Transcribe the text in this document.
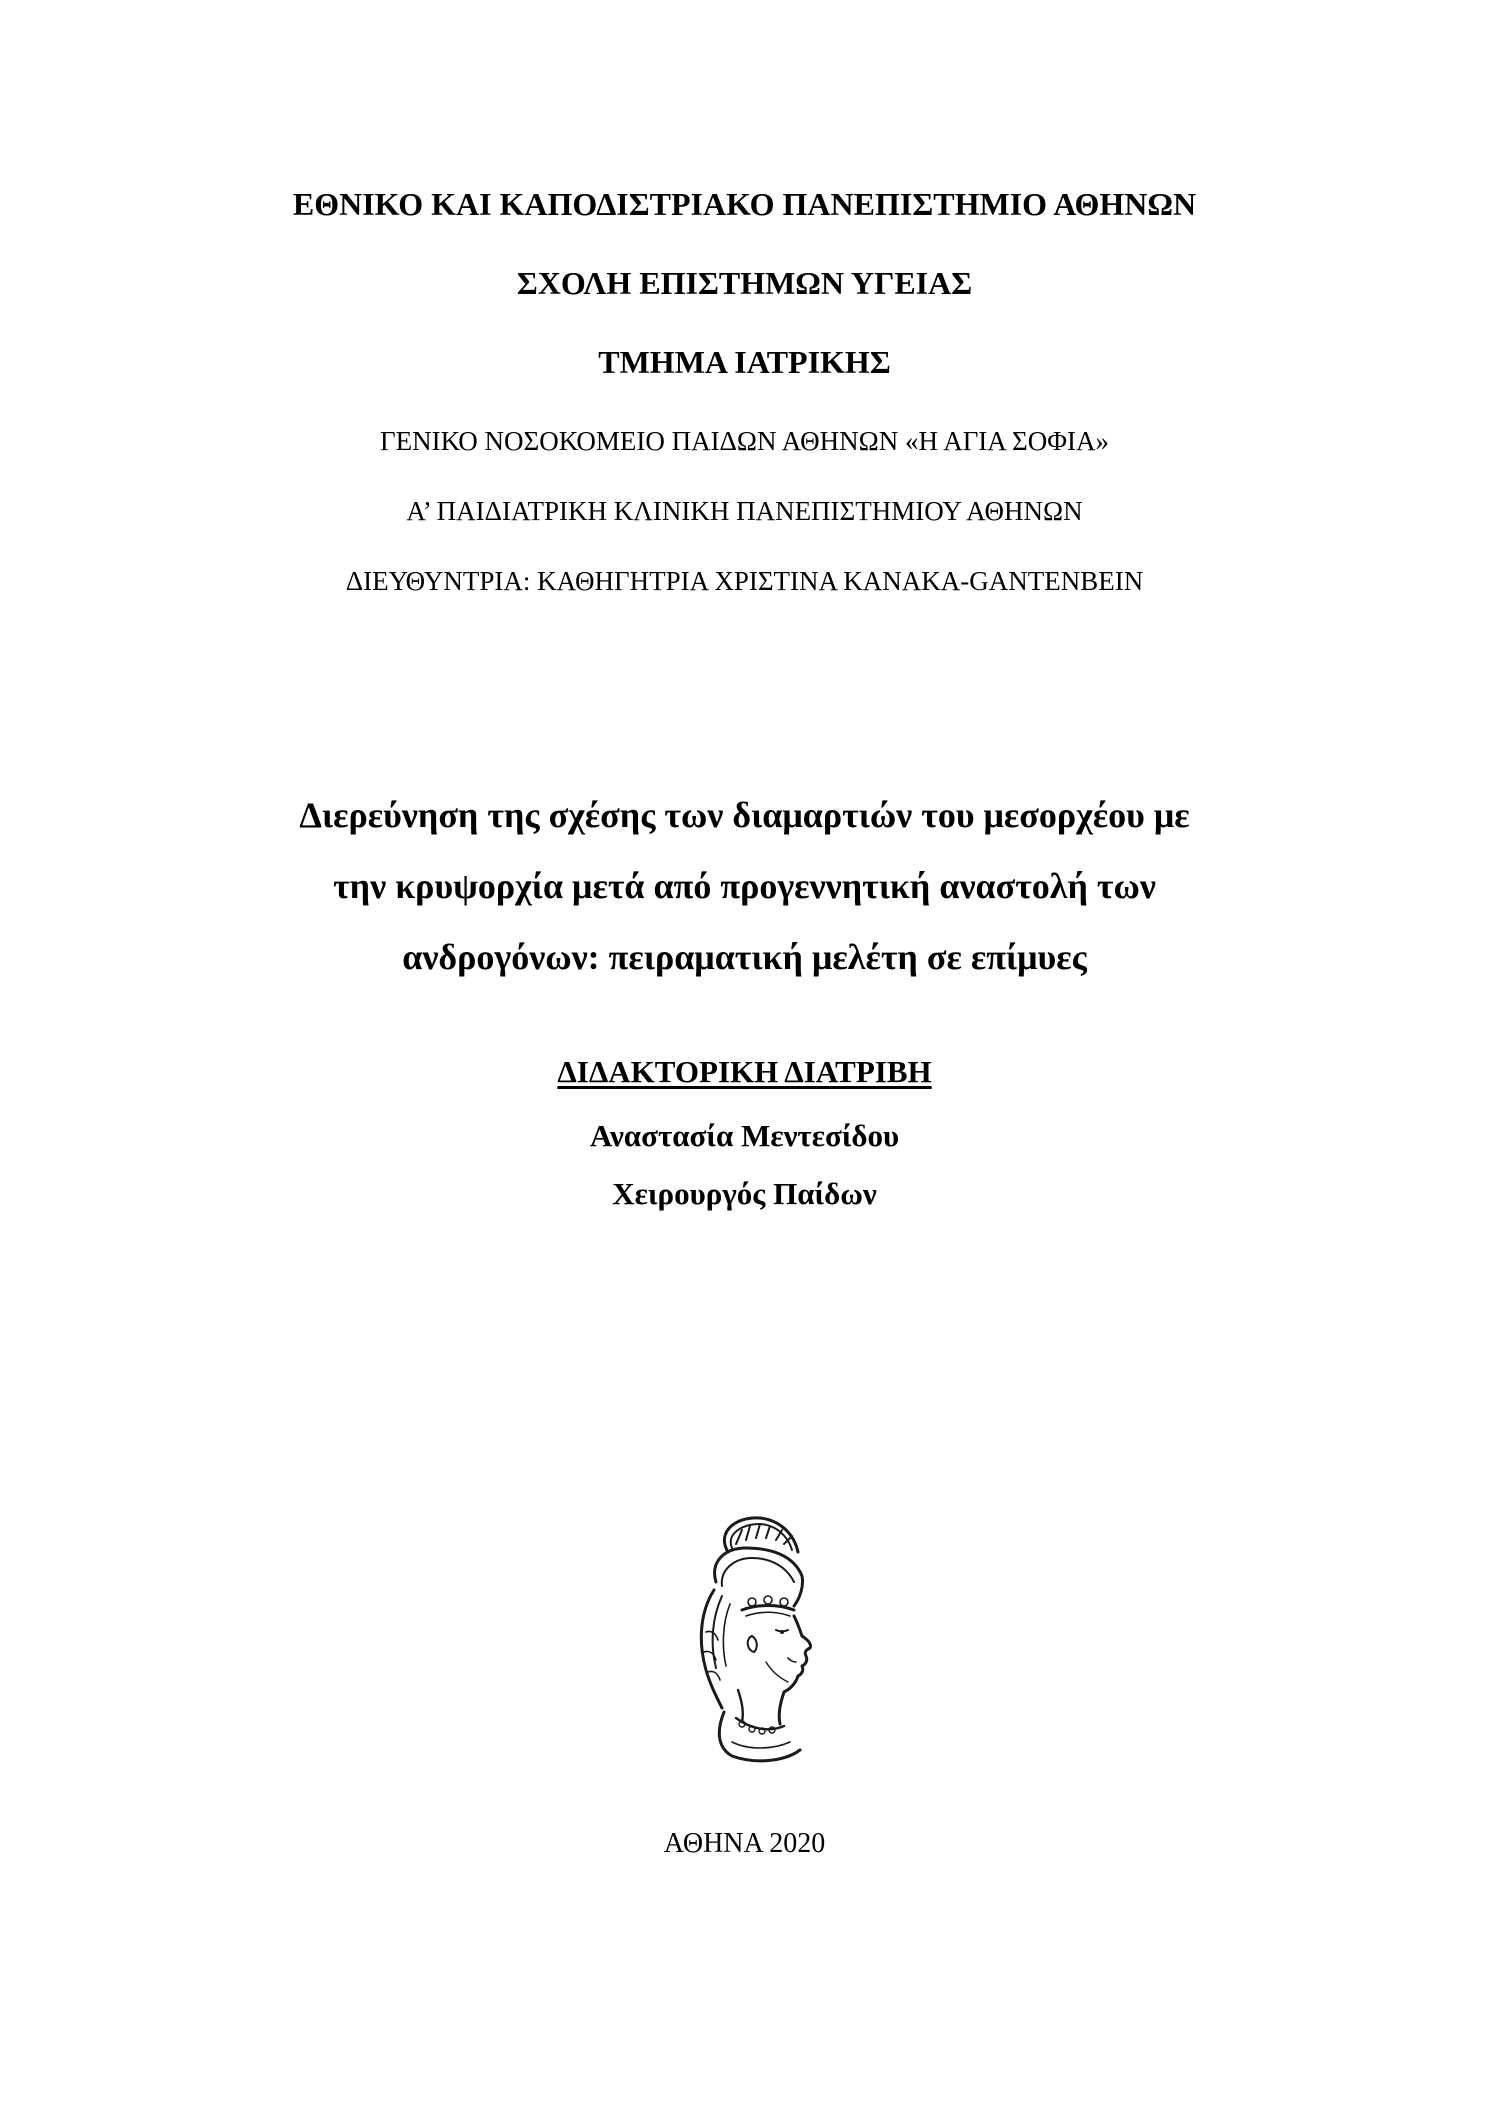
ΕΘΝΙΚΟ ΚΑΙ ΚΑΠΟΔΙΣΤΡΙΑΚΟ ΠΑΝΕΠΙΣΤΗΜΙΟ ΑΘΗΝΩΝ
ΣΧΟΛΗ ΕΠΙΣΤΗΜΩΝ ΥΓΕΙΑΣ
ΤΜΗΜΑ ΙΑΤΡΙΚΗΣ
ΓΕΝΙΚΟ ΝΟΣΟΚΟΜΕΙΟ ΠΑΙΔΩΝ ΑΘΗΝΩΝ «Η ΑΓΙΑ ΣΟΦΙΑ»
Α’ ΠΑΙΔΙΑΤΡΙΚΗ ΚΛΙΝΙΚΗ ΠΑΝΕΠΙΣΤΗΜΙΟΥ ΑΘΗΝΩΝ
ΔΙΕΥΘΥΝΤΡΙΑ: ΚΑΘΗΓΗΤΡΙΑ ΧΡΙΣΤΙΝΑ ΚΑΝΑΚΑ-GANTENBEIN
Διερεύνηση της σχέσης των διαμαρτιών του μεσορχέου με
την κρυψορχία μετά από προγεννητική αναστολή των
ανδρογόνων: πειραματική μελέτη σε επίμυες
ΔΙΔΑΚΤΟΡΙΚΗ ΔΙΑΤΡΙΒΗ
Αναστασία Μεντεσίδου
Χειρουργός Παίδων
ΑΘΗΝΑ 2020
